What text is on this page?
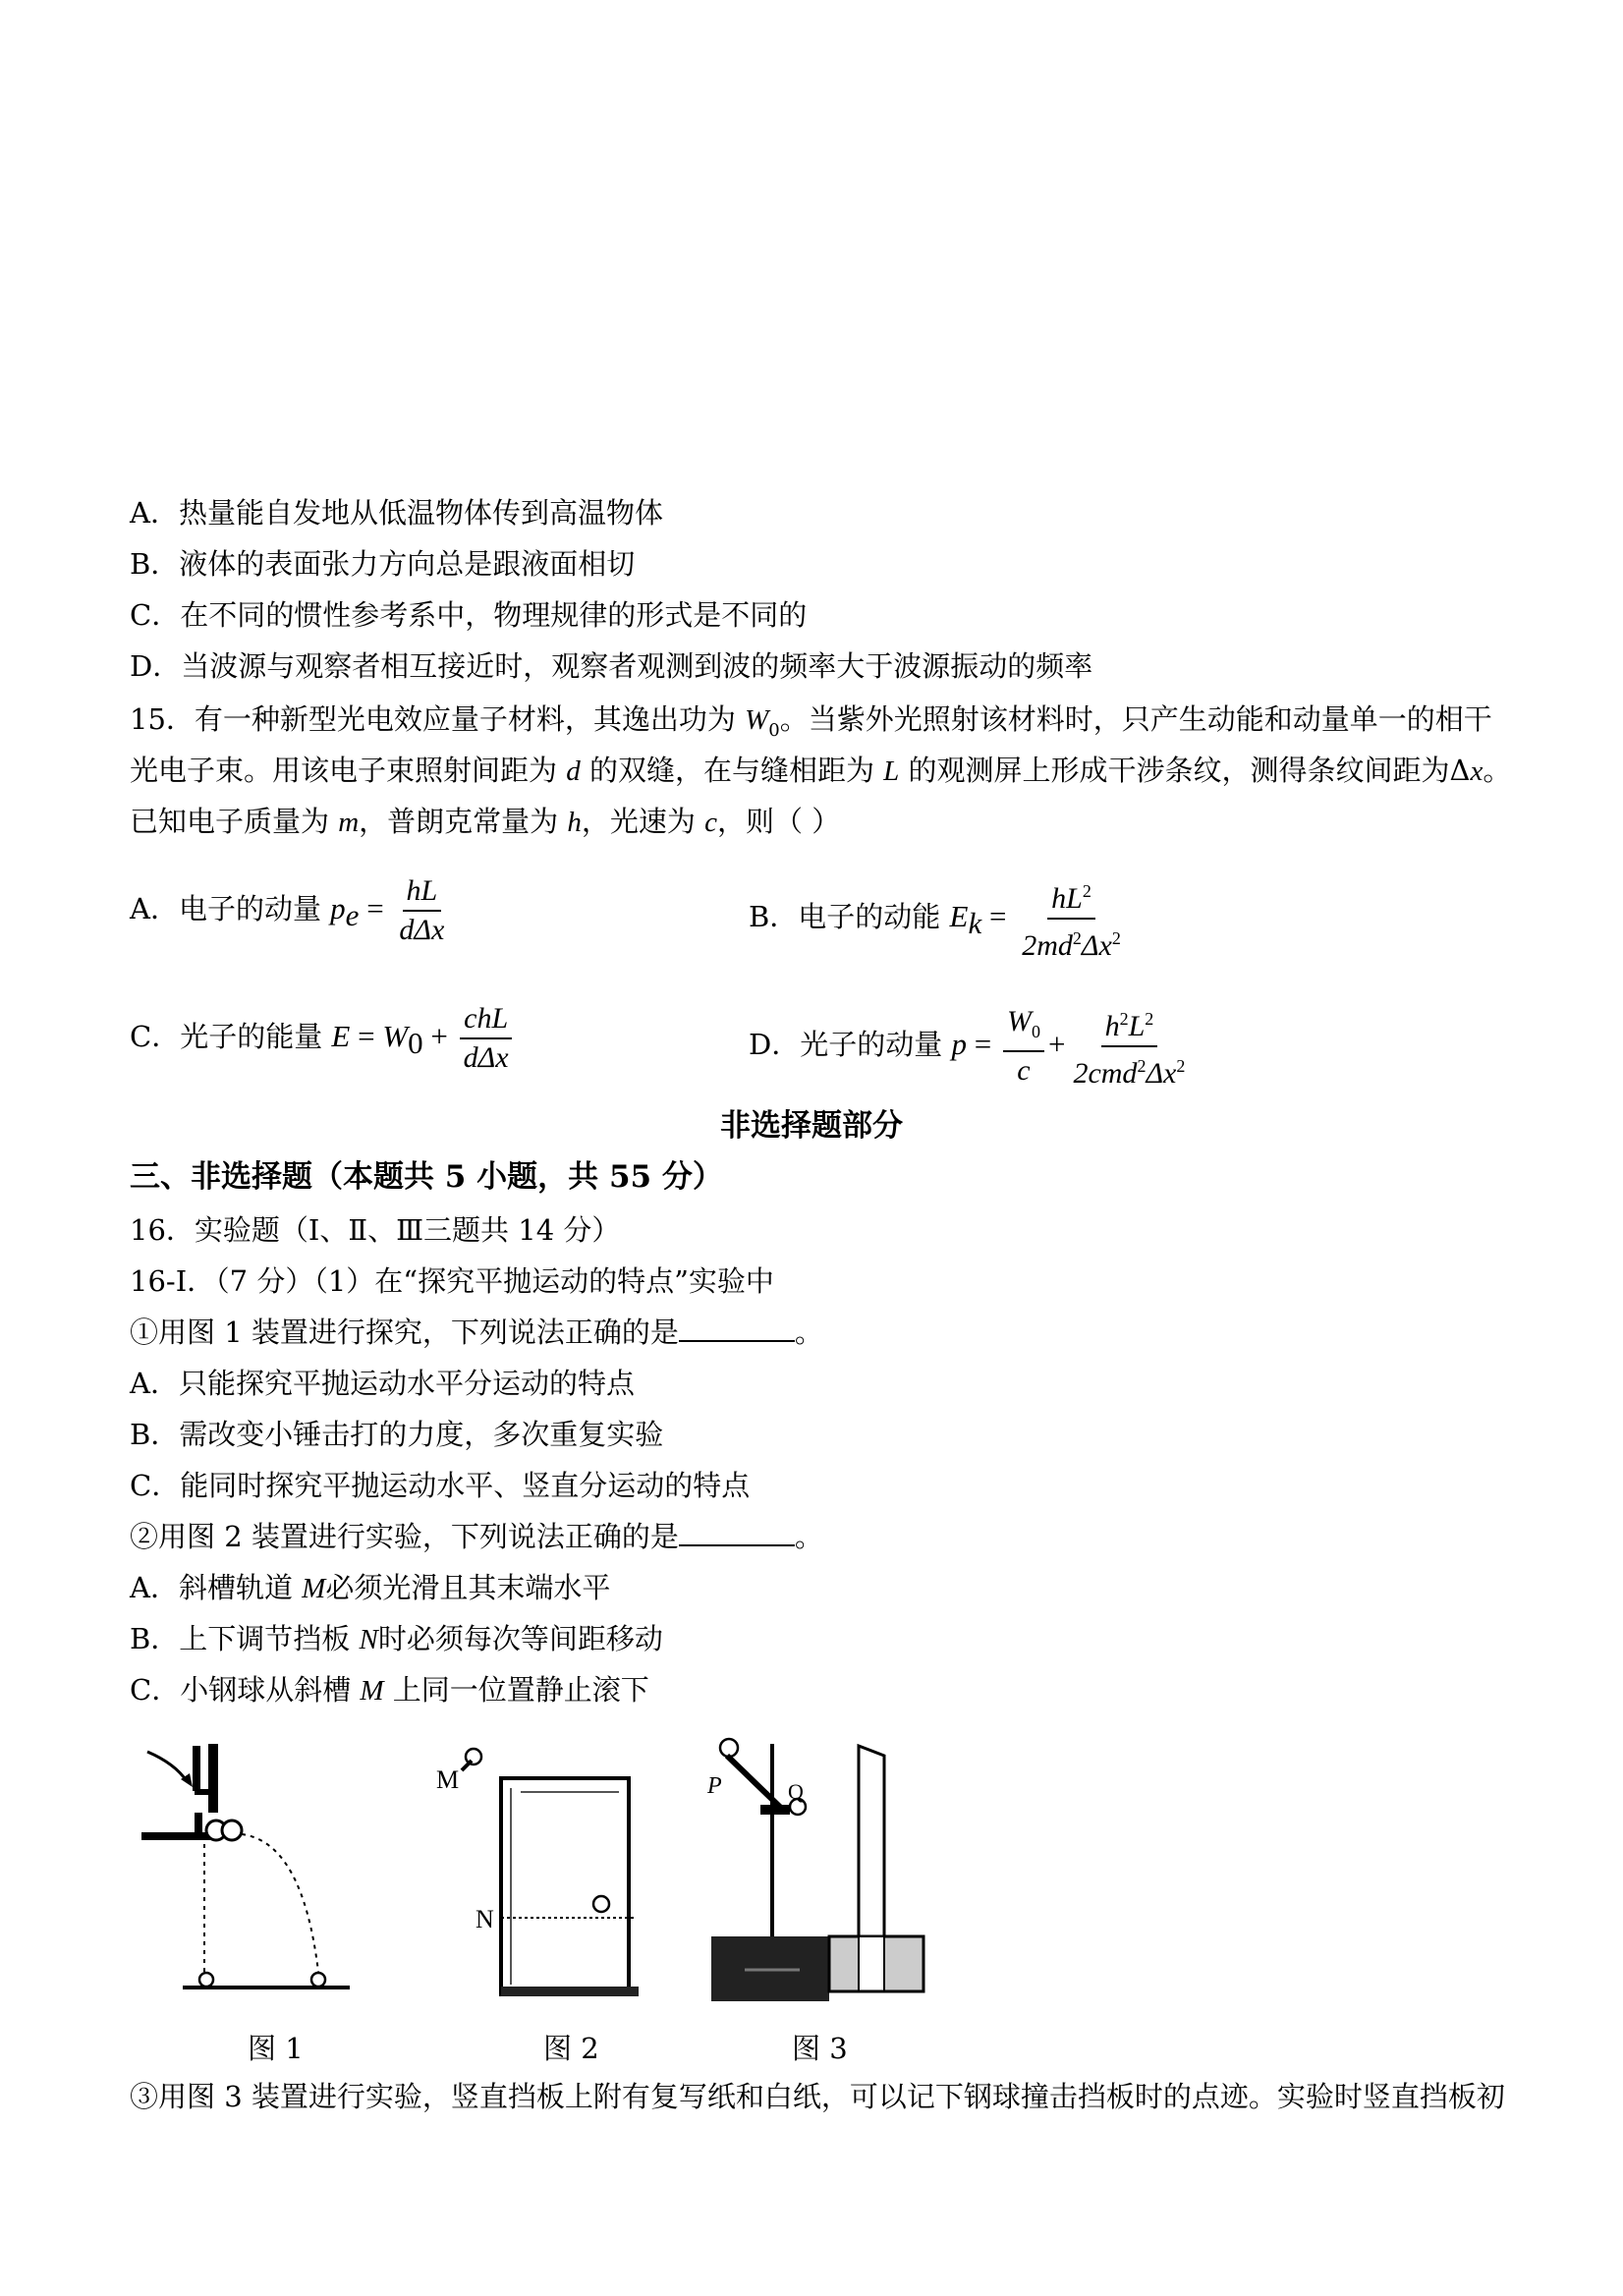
A．热量能自发地从低温物体传到高温物体
B．液体的表面张力方向总是跟液面相切
C．在不同的惯性参考系中，物理规律的形式是不同的
D．当波源与观察者相互接近时，观察者观测到波的频率大于波源振动的频率
15．有一种新型光电效应量子材料，其逸出功为 $W_0$。当紫外光照射该材料时，只产生动能和动量单一的相干
光电子束。用该电子束照射间距为 d 的双缝，在与缝相距为 L 的观测屏上形成干涉条纹，测得条纹间距为Δx。
已知电子质量为 m，普朗克常量为 h，光速为 c，则（ ）
A．电子的动量 $p_e = \frac{hL}{\text{dΔx}}$	B．电子的动能 $E_k = \frac{hL^2}{2md^2\Delta x^2}$
C．光子的能量 $E = W_0 + \frac{\text{chL}}{\text{dΔx}}$	D．光子的动量 $p = \frac{W_0}{c} + \frac{h^2L^2}{2cmd^2\Delta x^2}$
非选择题部分
三、非选择题（本题共 5 小题，共 55 分）
16．实验题（Ⅰ、Ⅱ、Ⅲ三题共 14 分）
16-Ⅰ．（7 分）（1）在“探究平抛运动的特点”实验中
①用图 1 装置进行探究，下列说法正确的是	。
A．只能探究平抛运动水平分运动的特点
B．需改变小锤击打的力度，多次重复实验
C．能同时探究平抛运动水平、竖直分运动的特点
②用图 2 装置进行实验，下列说法正确的是	。
A．斜槽轨道 M必须光滑且其末端水平
B．上下调节挡板 N时必须每次等间距移动
C．小钢球从斜槽 M 上同一位置静止滚下
图 1
M
N
图 2
P	Q
图 3
③用图 3 装置进行实验，竖直挡板上附有复写纸和白纸，可以记下钢球撞击挡板时的点迹。实验时竖直挡板初
